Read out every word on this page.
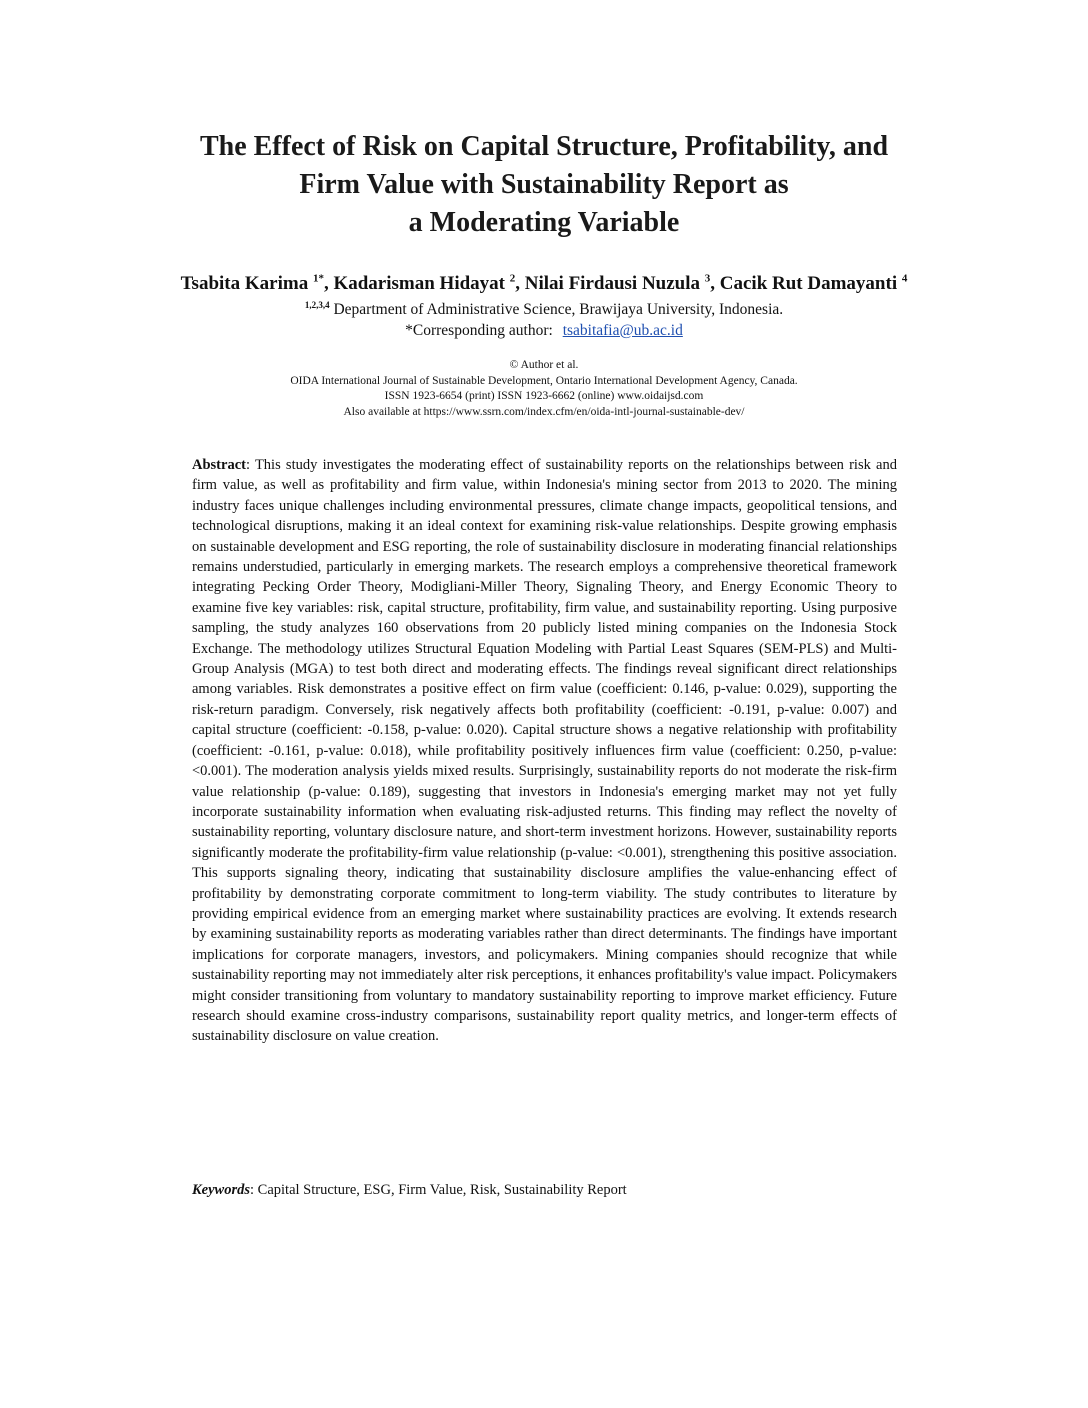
The Effect of Risk on Capital Structure, Profitability, and
Firm Value with Sustainability Report as
a Moderating Variable
Tsabita Karima $^{1*}$, Kadarisman Hidayat $^2$, Nilai Firdausi Nuzula $^3$, Cacik Rut Damayanti $^4$
$^{1,2,3,4}$ Department of Administrative Science, Brawijaya University, Indonesia.
*Corresponding author: tsabitafia@ub.ac.id
© Author et al.
OIDA International Journal of Sustainable Development, Ontario International Development Agency, Canada.
ISSN 1923-6654 (print) ISSN 1923-6662 (online) www.oidaijsd.com
Also available at https://www.ssrn.com/index.cfm/en/oida-intl-journal-sustainable-dev/

Abstract: This study investigates the moderating effect of sustainability reports on the relationships between risk and firm value, as well as profitability and firm value, within Indonesia's mining sector from 2013 to 2020. The mining industry faces unique challenges including environmental pressures, climate change impacts, geopolitical tensions, and technological disruptions, making it an ideal context for examining risk-value relationships. Despite growing emphasis on sustainable development and ESG reporting, the role of sustainability disclosure in moderating financial relationships remains understudied, particularly in emerging markets. The research employs a comprehensive theoretical framework integrating Pecking Order Theory, Modigliani-Miller Theory, Signaling Theory, and Energy Economic Theory to examine five key variables: risk, capital structure, profitability, firm value, and sustainability reporting. Using purposive sampling, the study analyzes 160 observations from 20 publicly listed mining companies on the Indonesia Stock Exchange. The methodology utilizes Structural Equation Modeling with Partial Least Squares (SEM-PLS) and Multi-Group Analysis (MGA) to test both direct and moderating effects. The findings reveal significant direct relationships among variables. Risk demonstrates a positive effect on firm value (coefficient: 0.146, p-value: 0.029), supporting the risk-return paradigm. Conversely, risk negatively affects both profitability (coefficient: -0.191, p-value: 0.007) and capital structure (coefficient: -0.158, p-value: 0.020). Capital structure shows a negative relationship with profitability (coefficient: -0.161, p-value: 0.018), while profitability positively influences firm value (coefficient: 0.250, p-value: <0.001). The moderation analysis yields mixed results. Surprisingly, sustainability reports do not moderate the risk-firm value relationship (p-value: 0.189), suggesting that investors in Indonesia's emerging market may not yet fully incorporate sustainability information when evaluating risk-adjusted returns. This finding may reflect the novelty of sustainability reporting, voluntary disclosure nature, and short-term investment horizons. However, sustainability reports significantly moderate the profitability-firm value relationship (p-value: <0.001), strengthening this positive association. This supports signaling theory, indicating that sustainability disclosure amplifies the value-enhancing effect of profitability by demonstrating corporate commitment to long-term viability. The study contributes to literature by providing empirical evidence from an emerging market where sustainability practices are evolving. It extends research by examining sustainability reports as moderating variables rather than direct determinants. The findings have important implications for corporate managers, investors, and policymakers. Mining companies should recognize that while sustainability reporting may not immediately alter risk perceptions, it enhances profitability's value impact. Policymakers might consider transitioning from voluntary to mandatory sustainability reporting to improve market efficiency. Future research should examine cross-industry comparisons, sustainability report quality metrics, and longer-term effects of sustainability disclosure on value creation.

Keywords: Capital Structure, ESG, Firm Value, Risk, Sustainability Report
